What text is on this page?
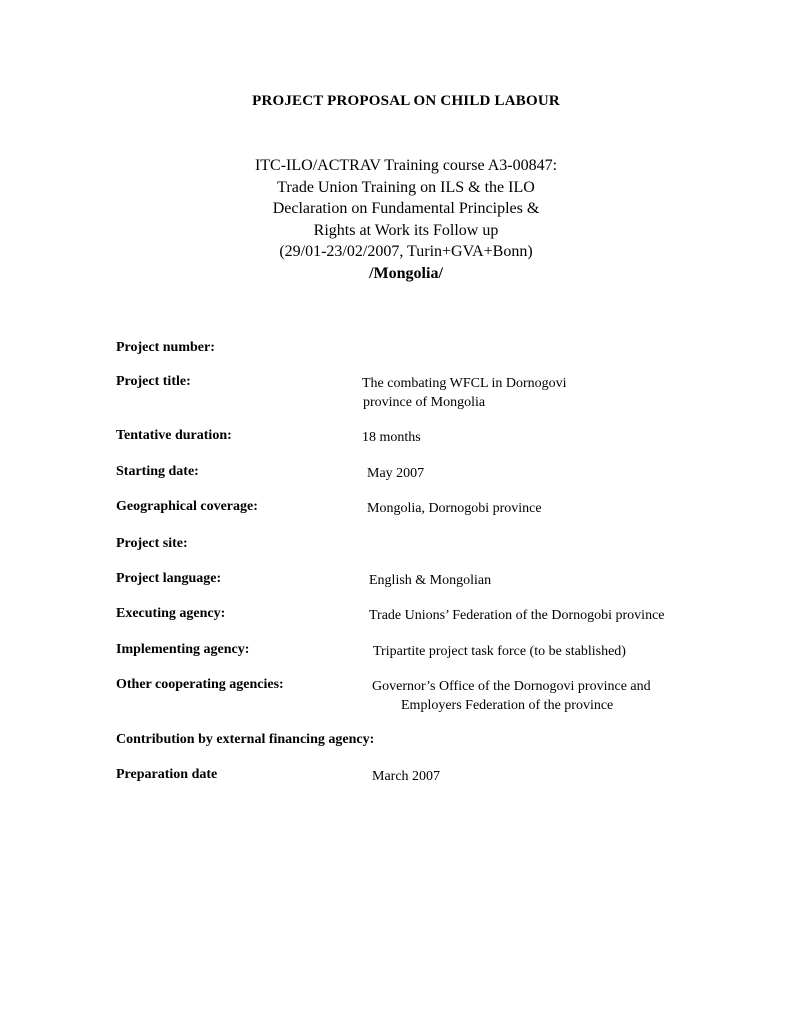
PROJECT PROPOSAL ON CHILD LABOUR
ITC-ILO/ACTRAV Training course A3-00847:
Trade Union Training on ILS & the ILO
Declaration on Fundamental Principles &
Rights at Work its Follow up
(29/01-23/02/2007, Turin+GVA+Bonn)
/Mongolia/
Project number:
Project title:	The combating WFCL in Dornogovi
province of Mongolia
Tentative duration:	18 months
Starting date:	May 2007
Geographical coverage:	Mongolia, Dornogobi province
Project site:
Project language:	English & Mongolian
Executing agency:	Trade Unions’ Federation of the Dornogobi province
Implementing agency:	Tripartite project task force (to be stablished)
Other cooperating agencies:	Governor’s Office of the Dornogovi province and
Employers Federation of the province
Contribution by external financing agency:
Preparation date	March 2007
